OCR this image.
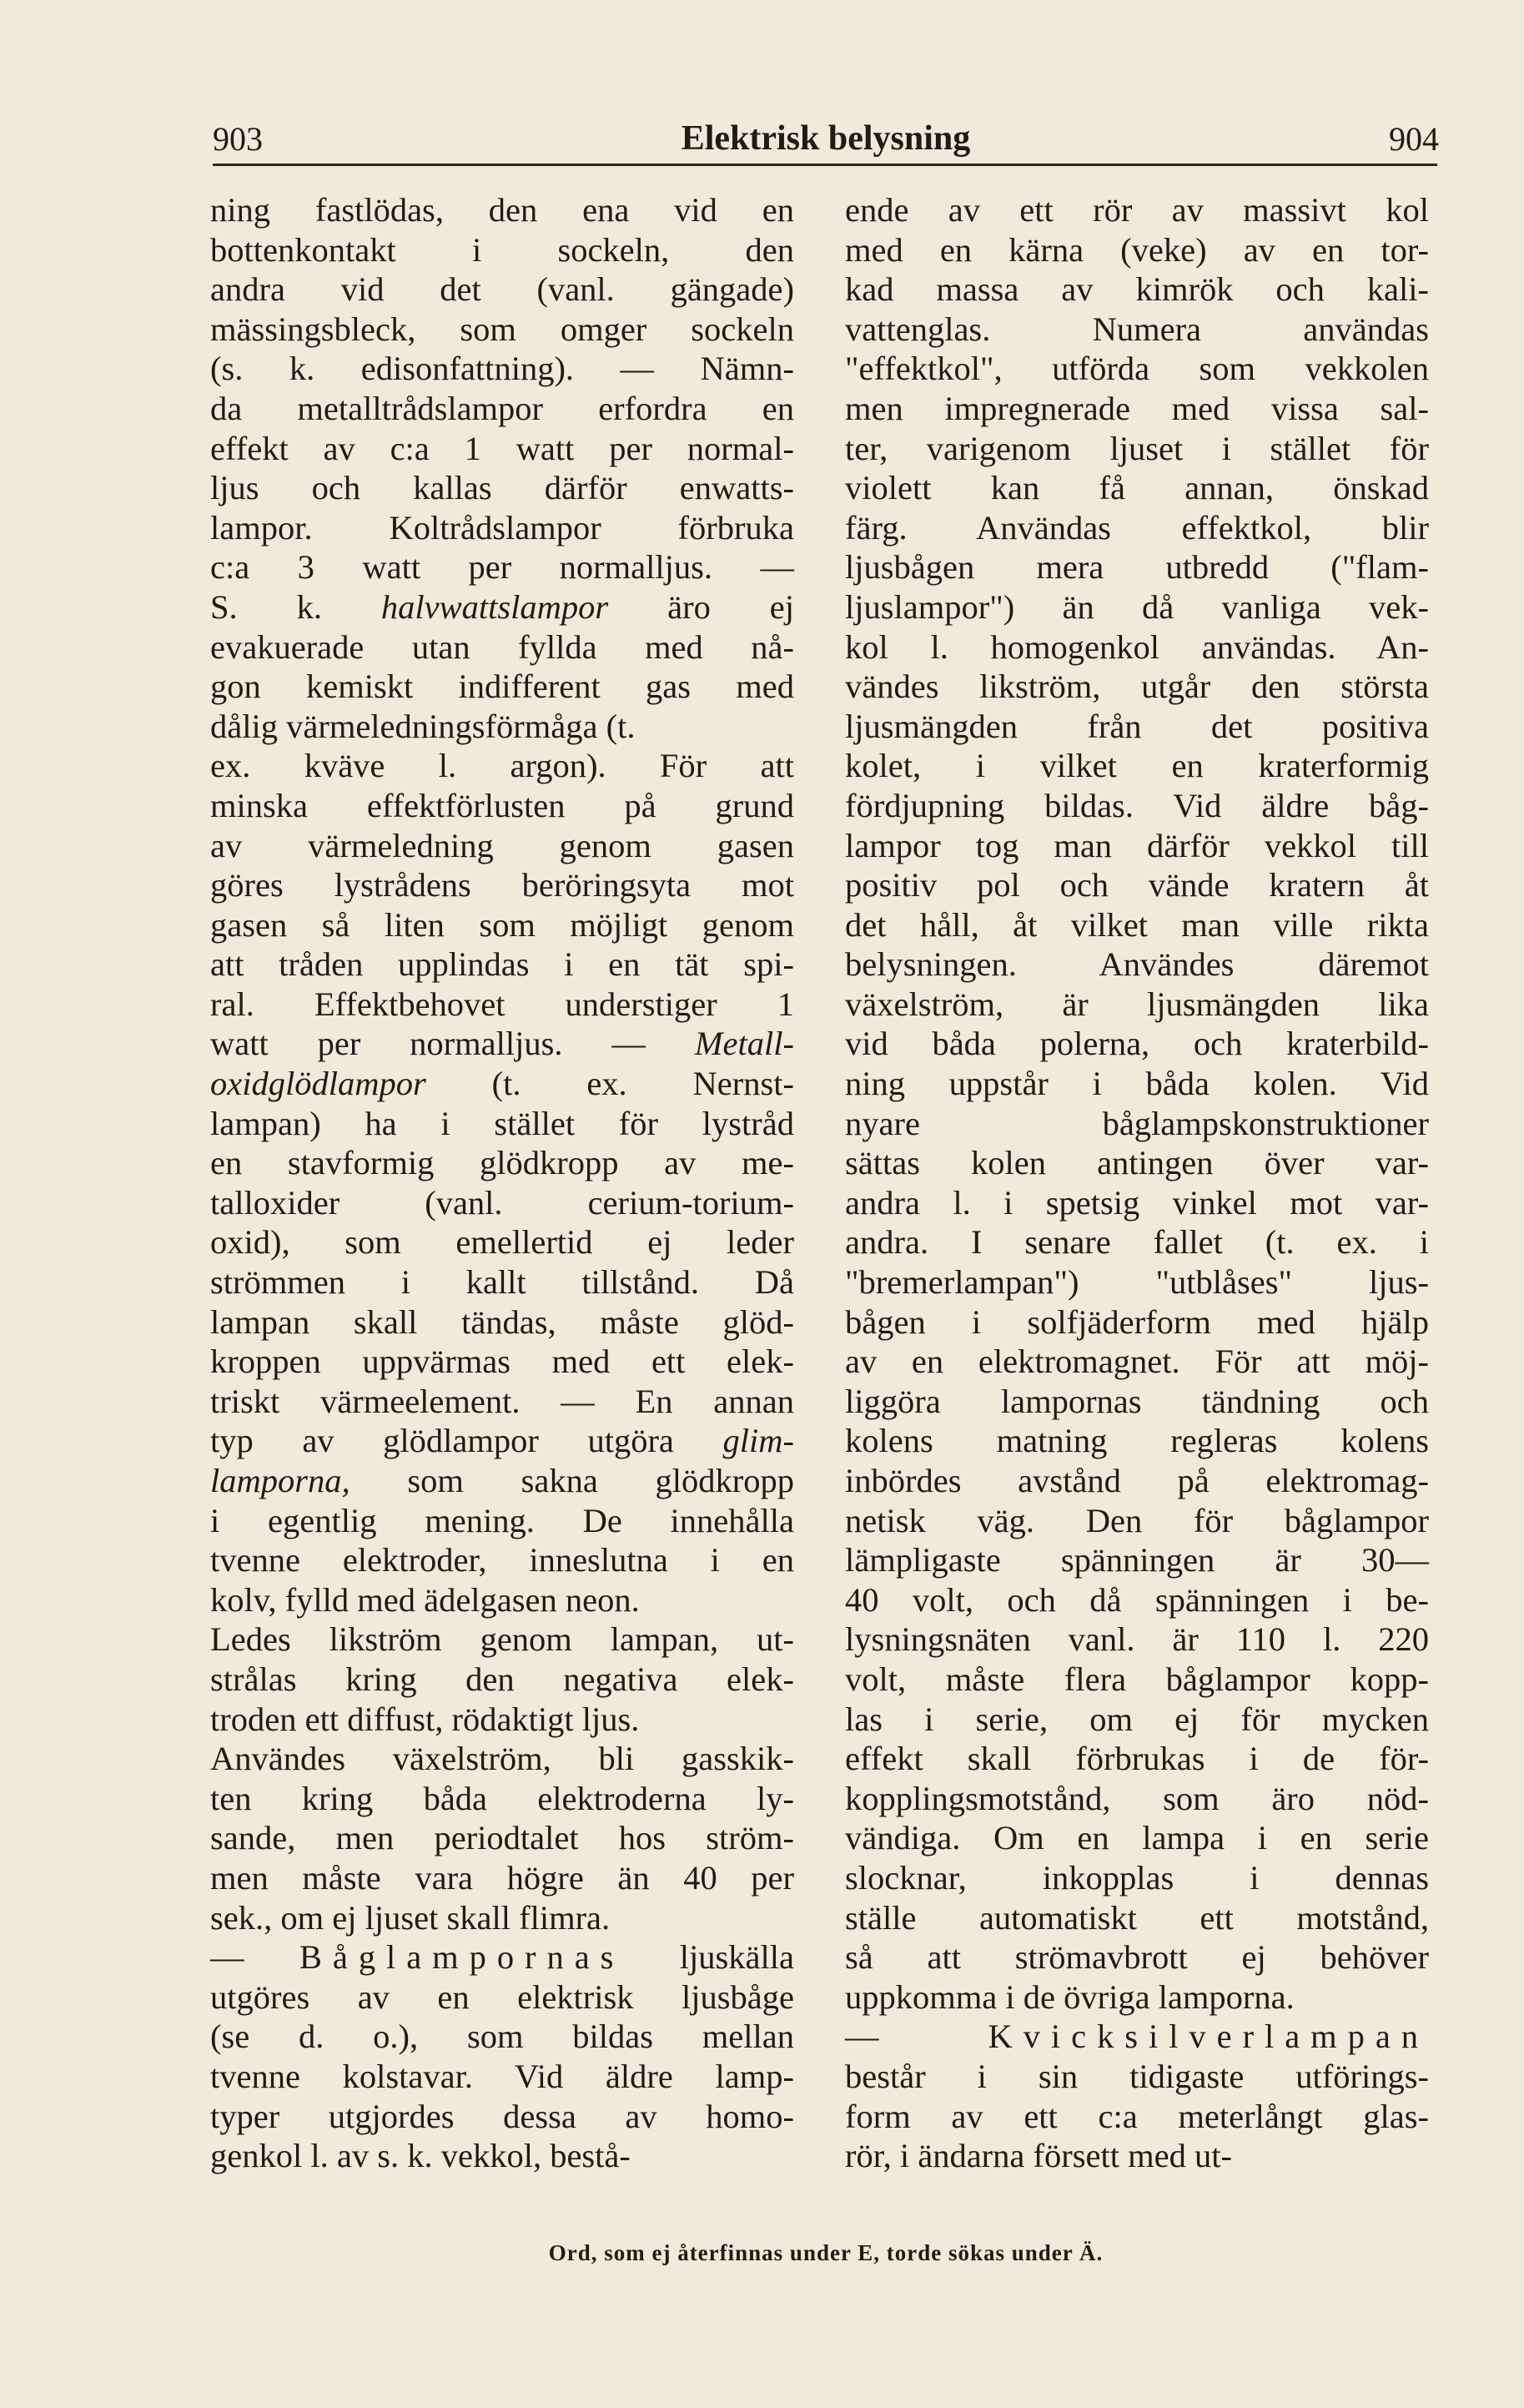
903	Elektrisk belysning	904
ning fastlödas, den ena vid en
bottenkontakt i sockeln, den
andra vid det (vanl. gängade)
mässingsbleck, som omger sockeln
(s. k. edisonfattning). — Nämn-
da metalltrådslampor erfordra en
effekt av c:a 1 watt per normal-
ljus och kallas därför enwatts-
lampor. Koltrådslampor förbruka
c:a 3 watt per normalljus. —
S. k. halvwattslampor äro ej
evakuerade utan fyllda med nå-
gon kemiskt indifferent gas med
dålig värmeledningsförmåga (t.
ex. kväve l. argon). För att
minska effektförlusten på grund
av värmeledning genom gasen
göres lystrådens beröringsyta mot
gasen så liten som möjligt genom
att tråden upplindas i en tät spi-
ral. Effektbehovet understiger 1
watt per normalljus. — Metall-
oxidglödlampor (t. ex. Nernst-
lampan) ha i stället för lystråd
en stavformig glödkropp av me-
talloxider (vanl. cerium-torium-
oxid), som emellertid ej leder
strömmen i kallt tillstånd. Då
lampan skall tändas, måste glöd-
kroppen uppvärmas med ett elek-
triskt värmeelement. — En annan
typ av glödlampor utgöra glim-
lamporna, som sakna glödkropp
i egentlig mening. De innehålla
tvenne elektroder, inneslutna i en
kolv, fylld med ädelgasen neon.
Ledes likström genom lampan, ut-
strålas kring den negativa elek-
troden ett diffust, rödaktigt ljus.
Användes växelström, bli gasskik-
ten kring båda elektroderna ly-
sande, men periodtalet hos ström-
men måste vara högre än 40 per
sek., om ej ljuset skall flimra.
— Båglampornas ljuskälla
utgöres av en elektrisk ljusbåge
(se d. o.), som bildas mellan
tvenne kolstavar. Vid äldre lamp-
typer utgjordes dessa av homo-
genkol l. av s. k. vekkol, bestå-
ende av ett rör av massivt kol
med en kärna (veke) av en tor-
kad massa av kimrök och kali-
vattenglas. Numera användas
"effektkol", utförda som vekkolen
men impregnerade med vissa sal-
ter, varigenom ljuset i stället för
violett kan få annan, önskad
färg. Användas effektkol, blir
ljusbågen mera utbredd ("flam-
ljuslampor") än då vanliga vek-
kol l. homogenkol användas. An-
vändes likström, utgår den största
ljusmängden från det positiva
kolet, i vilket en kraterformig
fördjupning bildas. Vid äldre båg-
lampor tog man därför vekkol till
positiv pol och vände kratern åt
det håll, åt vilket man ville rikta
belysningen. Användes däremot
växelström, är ljusmängden lika
vid båda polerna, och kraterbild-
ning uppstår i båda kolen. Vid
nyare båglampskonstruktioner
sättas kolen antingen över var-
andra l. i spetsig vinkel mot var-
andra. I senare fallet (t. ex. i
"bremerlampan") "utblåses" ljus-
bågen i solfjäderform med hjälp
av en elektromagnet. För att möj-
liggöra lampornas tändning och
kolens matning regleras kolens
inbördes avstånd på elektromag-
netisk väg. Den för båglampor
lämpligaste spänningen är 30—
40 volt, och då spänningen i be-
lysningsnäten vanl. är 110 l. 220
volt, måste flera båglampor kopp-
las i serie, om ej för mycken
effekt skall förbrukas i de för-
kopplingsmotstånd, som äro nöd-
vändiga. Om en lampa i en serie
slocknar, inkopplas i dennas
ställe automatiskt ett motstånd,
så att strömavbrott ej behöver
uppkomma i de övriga lamporna.
— Kvicksilverlampan
består i sin tidigaste utförings-
form av ett c:a meterlångt glas-
rör, i ändarna försett med ut-
Ord, som ej återfinnas under E, torde sökas under Ä.
